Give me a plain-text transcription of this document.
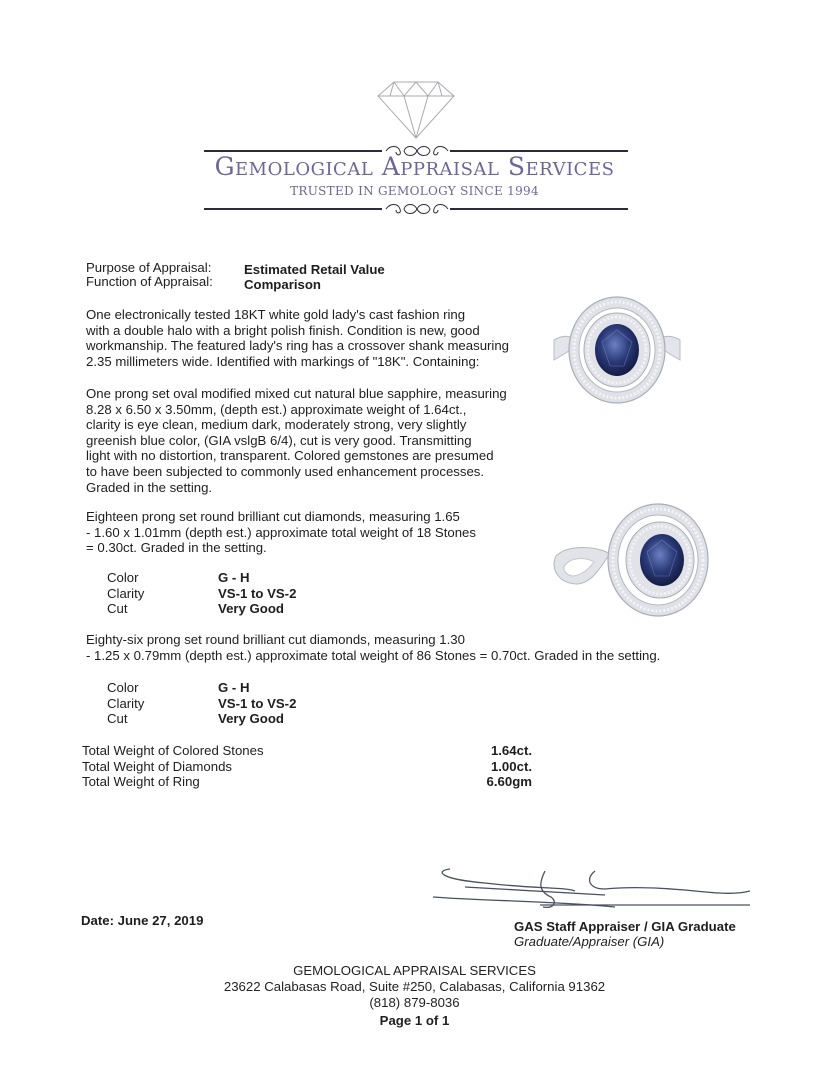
Gemological Appraisal Services
TRUSTED IN GEMOLOGY SINCE 1994
Purpose of Appraisal: Estimated Retail Value
Function of Appraisal: Comparison
One electronically tested 18KT white gold lady's cast fashion ring
with a double halo with a bright polish finish. Condition is new, good
workmanship. The featured lady's ring has a crossover shank measuring
2.35 millimeters wide. Identified with markings of "18K". Containing:
One prong set oval modified mixed cut natural blue sapphire, measuring
8.28 x 6.50 x 3.50mm, (depth est.) approximate weight of 1.64ct.,
clarity is eye clean, medium dark, moderately strong, very slightly
greenish blue color, (GIA vslgB 6/4), cut is very good. Transmitting
light with no distortion, transparent. Colored gemstones are presumed
to have been subjected to commonly used enhancement processes.
Graded in the setting.
Eighteen prong set round brilliant cut diamonds, measuring 1.65
- 1.60 x 1.01mm (depth est.) approximate total weight of 18 Stones
= 0.30ct. Graded in the setting.
Color	G - H
Clarity	VS-1 to VS-2
Cut	Very Good
Eighty-six prong set round brilliant cut diamonds, measuring 1.30
- 1.25 x 0.79mm (depth est.) approximate total weight of 86 Stones = 0.70ct. Graded in the setting.
Color	G - H
Clarity	VS-1 to VS-2
Cut	Very Good
Total Weight of Colored Stones	1.64ct.
Total Weight of Diamonds	1.00ct.
Total Weight of Ring	6.60gm
Date: June 27, 2019	GAS Staff Appraiser / GIA Graduate
Graduate/Appraiser (GIA)
GEMOLOGICAL APPRAISAL SERVICES
23622 Calabasas Road, Suite #250, Calabasas, California 91362
(818) 879-8036
Page 1 of 1
